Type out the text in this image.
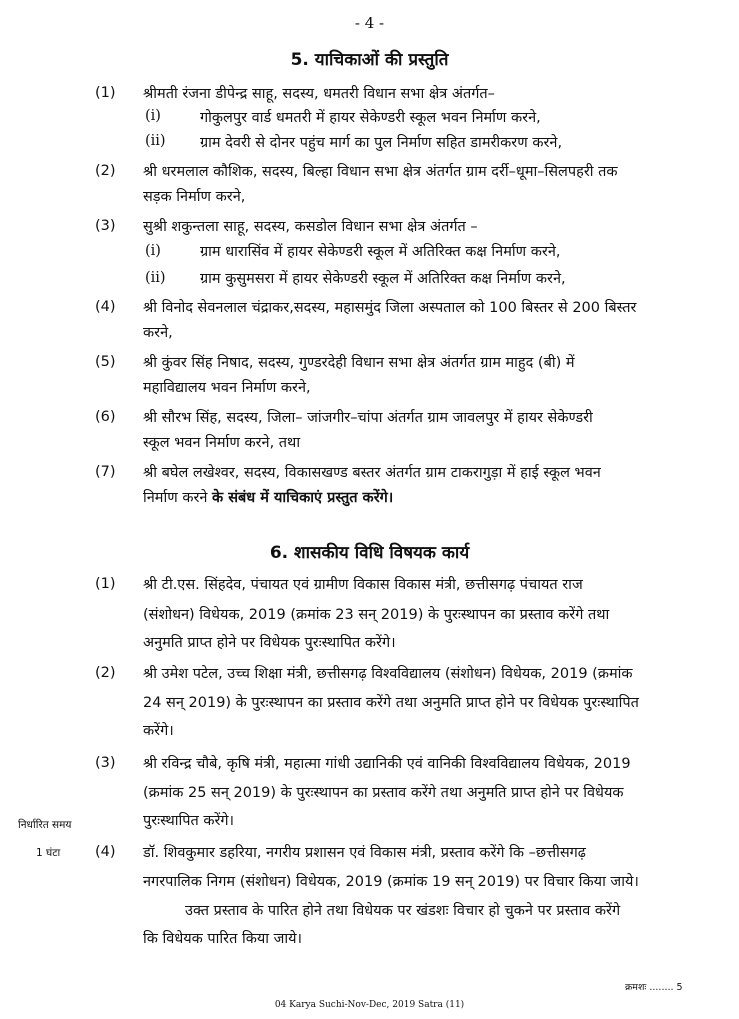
- 4 -
5. याचिकाओं की प्रस्तुति
(1) श्रीमती रंजना डीपेन्द्र साहू, सदस्य, धमतरी विधान सभा क्षेत्र अंतर्गत–
(i)	गोकुलपुर वार्ड धमतरी में हायर सेकेण्डरी स्कूल भवन निर्माण करने,
(ii) ग्राम देवरी से दोनर पहुंच मार्ग का पुल निर्माण सहित डामरीकरण करने,
(2) श्री धरमलाल कौशिक, सदस्य, बिल्हा विधान सभा क्षेत्र अंतर्गत ग्राम दर्री–धूमा–सिलपहरी तक
सड़क निर्माण करने,
(3) सुश्री शकुन्तला साहू, सदस्य, कसडोल विधान सभा क्षेत्र अंतर्गत –
(i)	ग्राम धारासिंव में हायर सेकेण्डरी स्कूल में अतिरिक्त कक्ष निर्माण करने,
(ii) ग्राम कुसुमसरा में हायर सेकेण्डरी स्कूल में अतिरिक्त कक्ष निर्माण करने,
(4) श्री विनोद सेवनलाल चंद्राकर,सदस्य, महासमुंद जिला अस्पताल को 100 बिस्तर से 200 बिस्तर
करने,
(5) श्री कुंवर सिंह निषाद, सदस्य, गुण्डरदेही विधान सभा क्षेत्र अंतर्गत ग्राम माहुद (बी) में
महाविद्यालय भवन निर्माण करने,
(6) श्री सौरभ सिंह, सदस्य, जिला– जांजगीर–चांपा अंतर्गत ग्राम जावलपुर में हायर सेकेण्डरी
स्कूल भवन निर्माण करने, तथा
(7) श्री बघेल लखेश्वर, सदस्य, विकासखण्ड बस्तर अंतर्गत ग्राम टाकरागुड़ा में हाई स्कूल भवन
निर्माण करने के संबंध में याचिकाएं प्रस्तुत करेंगे।
6. शासकीय विधि विषयक कार्य
(1) श्री टी.एस. सिंहदेव, पंचायत एवं ग्रामीण विकास विकास मंत्री, छत्तीसगढ़ पंचायत राज
(संशोधन) विधेयक, 2019 (क्रमांक 23 सन् 2019) के पुरःस्थापन का प्रस्ताव करेंगे तथा
अनुमति प्राप्त होने पर विधेयक पुरःस्थापित करेंगे।
(2) श्री उमेश पटेल, उच्च शिक्षा मंत्री, छत्तीसगढ़ विश्वविद्यालय (संशोधन) विधेयक, 2019 (क्रमांक
24 सन् 2019) के पुरःस्थापन का प्रस्ताव करेंगे तथा अनुमति प्राप्त होने पर विधेयक पुरःस्थापित
करेंगे।
(3) श्री रविन्द्र चौबे, कृषि मंत्री, महात्मा गांधी उद्यानिकी एवं वानिकी विश्वविद्यालय विधेयक, 2019
(क्रमांक 25 सन् 2019) के पुरःस्थापन का प्रस्ताव करेंगे तथा अनुमति प्राप्त होने पर विधेयक
पुरःस्थापित करेंगे।
निर्धारित समय
1 घंटा (4) डॉ. शिवकुमार डहरिया, नगरीय प्रशासन एवं विकास मंत्री, प्रस्ताव करेंगे कि –छत्तीसगढ़
नगरपालिक निगम (संशोधन) विधेयक, 2019 (क्रमांक 19 सन् 2019) पर विचार किया जाये।
उक्त प्रस्ताव के पारित होने तथा विधेयक पर खंडशः विचार हो चुकने पर प्रस्ताव करेंगे
कि विधेयक पारित किया जाये।
क्रमशः ........ 5
04 Karya Suchi-Nov-Dec, 2019 Satra (11)
